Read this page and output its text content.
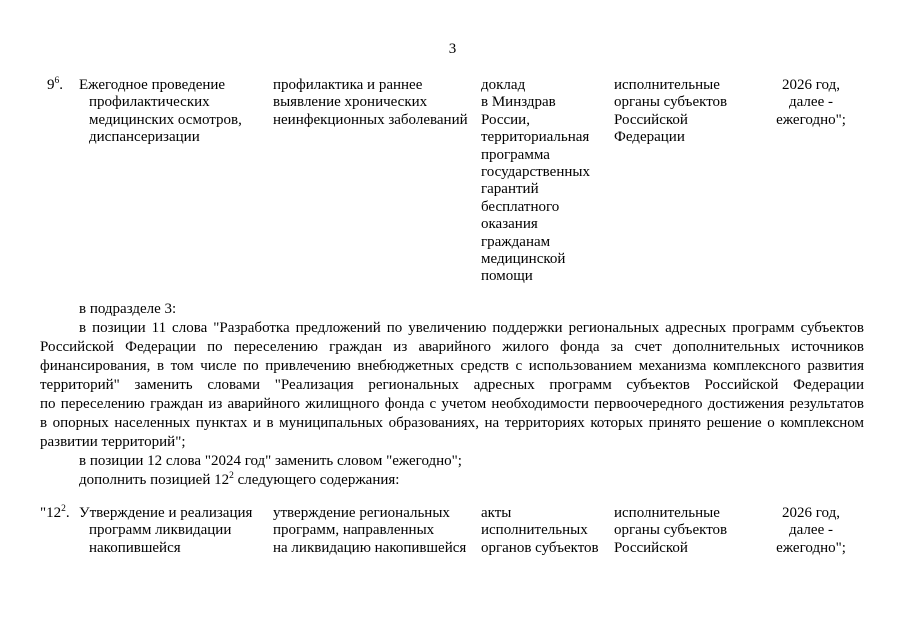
3
$9^6$. Ежегодное проведение
профилактических
медицинских осмотров,
диспансеризации
профилактика и раннее
выявление хронических
неинфекционных заболеваний
доклад
в Минздрав
России,
территориальная
программа
государственных
гарантий
бесплатного
оказания
гражданам
медицинской
помощи
исполнительные
органы субъектов
Российской
Федерации
2026 год,
далее -
ежегодно";
в подразделе 3:
в позиции 11 слова "Разработка предложений по увеличению поддержки региональных адресных программ субъектов
Российской Федерации по переселению граждан из аварийного жилого фонда за счет дополнительных источников
финансирования, в том числе по привлечению внебюджетных средств с использованием механизма комплексного развития
территорий" заменить словами "Реализация региональных адресных программ субъектов Российской Федерации
по переселению граждан из аварийного жилищного фонда с учетом необходимости первоочередного достижения результатов
в опорных населенных пунктах и в муниципальных образованиях, на территориях которых принято решение о комплексном
развитии территорий";
в позиции 12 слова "2024 год" заменить словом "ежегодно";
дополнить позицией $12^2$ следующего содержания:
"$12^2$. Утверждение и реализация
программ ликвидации
накопившейся
утверждение региональных
программ, направленных
на ликвидацию накопившейся
акты
исполнительных
органов субъектов
исполнительные
органы субъектов
Российской
2026 год,
далее -
ежегодно";
